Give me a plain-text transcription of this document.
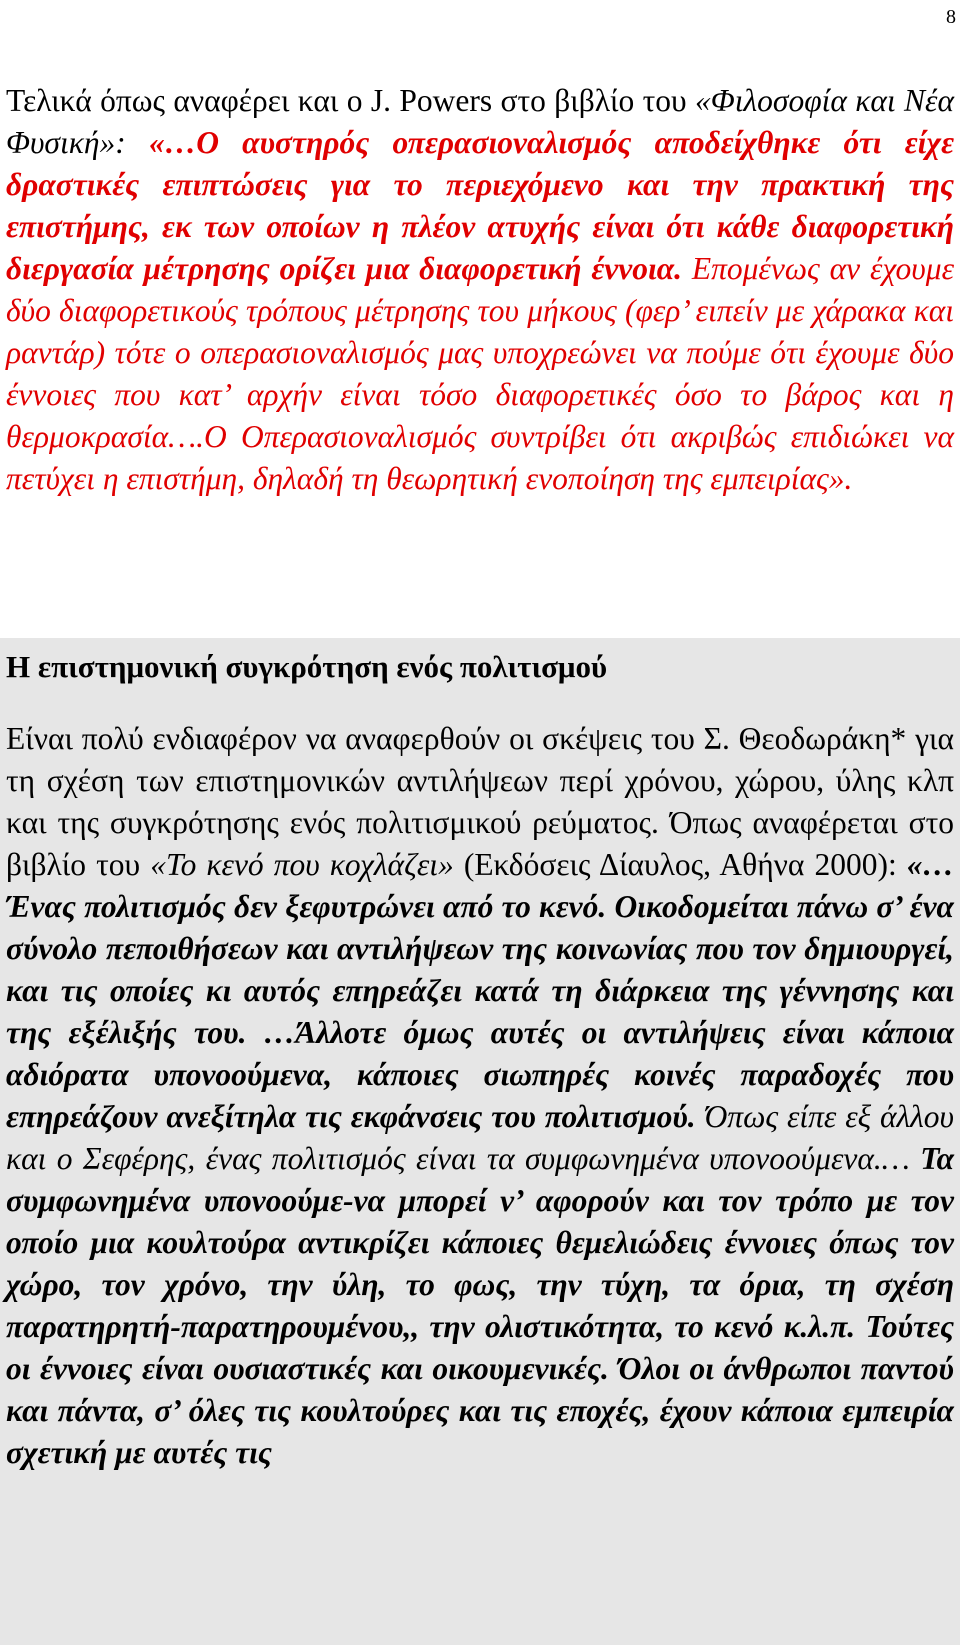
8

Τελικά όπως αναφέρει και ο J. Powers στο βιβλίο του «Φιλοσοφία και Νέα Φυσική»: «…Ο αυστηρός οπερασιοναλισμός αποδείχθηκε ότι είχε δραστικές επιπτώσεις για το περιεχόμενο και την πρακτική της επιστήμης, εκ των οποίων η πλέον ατυχής είναι ότι κάθε διαφορετική διεργασία μέτρησης ορίζει μια διαφορετική έννοια. Επομένως αν έχουμε δύο διαφορετικούς τρόπους μέτρησης του μήκους (φερ’ ειπείν με χάρακα και ραντάρ) τότε ο οπερασιοναλισμός μας υποχρεώνει να πούμε ότι έχουμε δύο έννοιες που κατ’ αρχήν είναι τόσο διαφορετικές όσο το βάρος και η θερμοκρασία….Ο Οπερασιοναλισμός συντρίβει ότι ακριβώς επιδιώκει να πετύχει η επιστήμη, δηλαδή τη θεωρητική ενοποίηση της εμπειρίας».

Η επιστημονική συγκρότηση ενός πολιτισμού

Είναι πολύ ενδιαφέρον να αναφερθούν οι σκέψεις του Σ. Θεοδωράκη* για τη σχέση των επιστημονικών αντιλήψεων περί χρόνου, χώρου, ύλης κλπ και της συγκρότησης ενός πολιτισμικού ρεύματος. Όπως αναφέρεται στο βιβλίο του «Το κενό που κοχλάζει» (Εκδόσεις Δίαυλος, Αθήνα 2000): «…Ένας πολιτισμός δεν ξεφυτρώνει από το κενό. Οικοδομείται πάνω σ’ ένα σύνολο πεποιθήσεων και αντιλήψεων της κοινωνίας που τον δημιουργεί, και τις οποίες κι αυτός επηρεάζει κατά τη διάρκεια της γέννησης και της εξέλιξής του. …Άλλοτε όμως αυτές οι αντιλήψεις είναι κάποια αδιόρατα υπονοούμενα, κάποιες σιωπηρές κοινές παραδοχές που επηρεάζουν ανεξίτηλα τις εκφάνσεις του πολιτισμού. Όπως είπε εξ άλλου και ο Σεφέρης, ένας πολιτισμός είναι τα συμφωνημένα υπονοούμενα.… Τα συμφωνημένα υπονοούμε-να μπορεί ν’ αφορούν και τον τρόπο με τον οποίο μια κουλτούρα αντικρίζει κάποιες θεμελιώδεις έννοιες όπως τον χώρο, τον χρόνο, την ύλη, το φως, την τύχη, τα όρια, τη σχέση παρατηρητή-παρατηρουμένου,, την ολιστικότητα, το κενό κ.λ.π. Τούτες οι έννοιες είναι ουσιαστικές και οικουμενικές. Όλοι οι άνθρωποι παντού και πάντα, σ’ όλες τις κουλτούρες και τις εποχές, έχουν κάποια εμπειρία σχετική με αυτές τις
